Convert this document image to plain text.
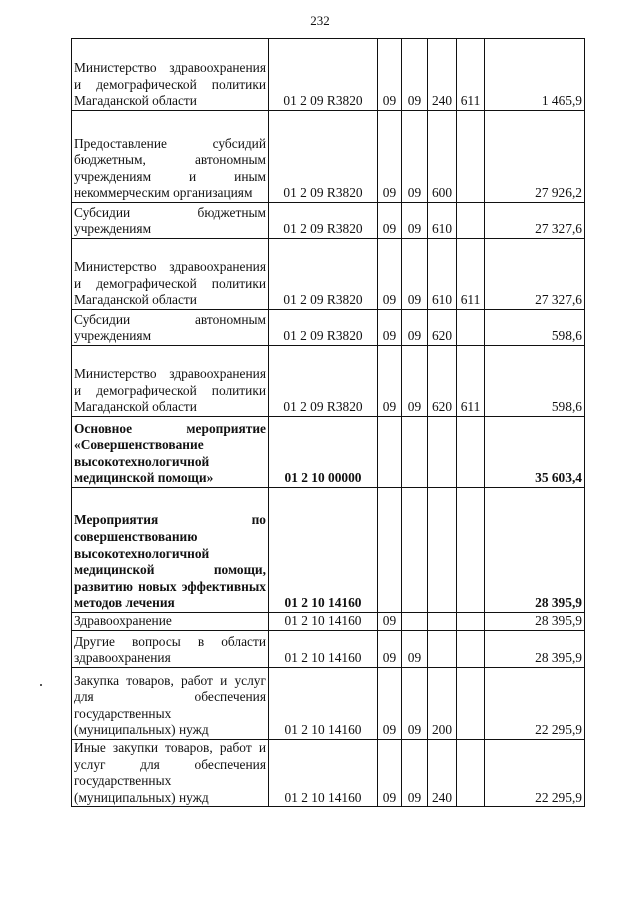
232
Министерство здравоохранения и демографической политики Магаданской области	01 2 09 R3820	09	09	240	611	1 465,9
Предоставление субсидий бюджетным, автономным учреждениям и иным некоммерческим организациям	01 2 09 R3820	09	09	600		27 926,2
Субсидии бюджетным учреждениям	01 2 09 R3820	09	09	610		27 327,6
Министерство здравоохранения и демографической политики Магаданской области	01 2 09 R3820	09	09	610	611	27 327,6
Субсидии автономным учреждениям	01 2 09 R3820	09	09	620		598,6
Министерство здравоохранения и демографической политики Магаданской области	01 2 09 R3820	09	09	620	611	598,6
Основное мероприятие «Совершенствование высокотехнологичной медицинской помощи»	01 2 10 00000					35 603,4
Мероприятия по совершенствованию высокотехнологичной медицинской помощи, развитию новых эффективных методов лечения	01 2 10 14160					28 395,9
Здравоохранение	01 2 10 14160	09				28 395,9
Другие вопросы в области здравоохранения	01 2 10 14160	09	09			28 395,9
Закупка товаров, работ и услуг для обеспечения государственных (муниципальных) нужд	01 2 10 14160	09	09	200		22 295,9
Иные закупки товаров, работ и услуг для обеспечения государственных (муниципальных) нужд	01 2 10 14160	09	09	240		22 295,9
